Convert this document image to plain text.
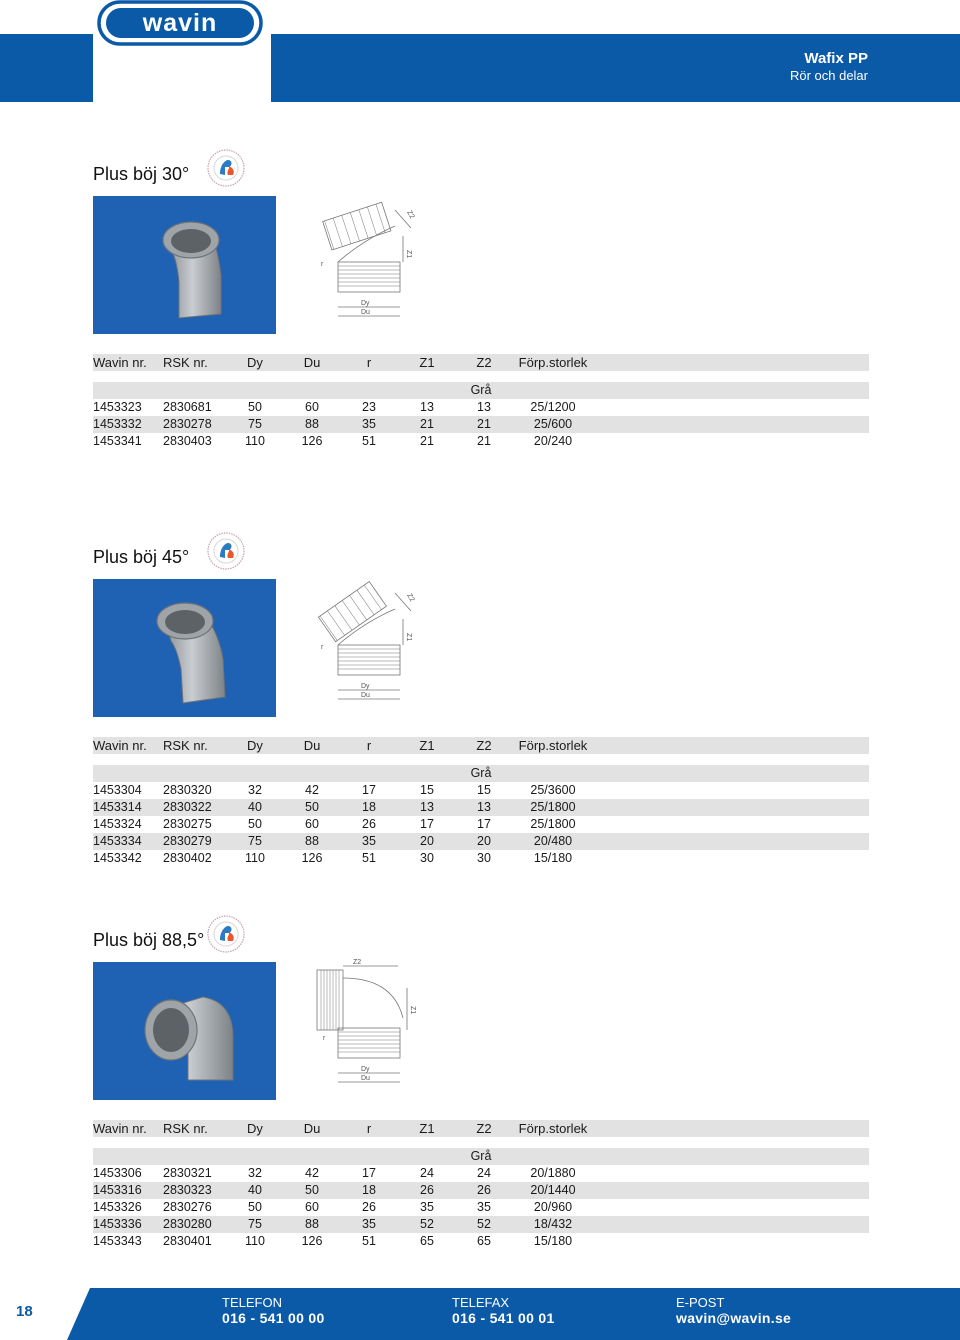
wavin
Wafix PP
Rör och delar
Plus böj 30°
Dy
Du
Z1
Z2
r
Wavin nr.	RSK nr.	Dy	Du	r	Z1	Z2	Förp.storlek	

Grå								
1453323	2830681	50	60	23	13	13	25/1200	
1453332	2830278	75	88	35	21	21	25/600	
1453341	2830403	110	126	51	21	21	20/240	
Plus böj 45°
Dy
Du
Z1
Z2
r
Wavin nr.	RSK nr.	Dy	Du	r	Z1	Z2	Förp.storlek	

Grå								
1453304	2830320	32	42	17	15	15	25/3600	
1453314	2830322	40	50	18	13	13	25/1800	
1453324	2830275	50	60	26	17	17	25/1800	
1453334	2830279	75	88	35	20	20	20/480	
1453342	2830402	110	126	51	30	30	15/180	
Plus böj 88,5°
Dy
Du
Z2
Z1
r
Wavin nr.	RSK nr.	Dy	Du	r	Z1	Z2	Förp.storlek	

Grå								
1453306	2830321	32	42	17	24	24	20/1880	
1453316	2830323	40	50	18	26	26	20/1440	
1453326	2830276	50	60	26	35	35	20/960	
1453336	2830280	75	88	35	52	52	18/432	
1453343	2830401	110	126	51	65	65	15/180	
TELEFON
016 - 541 00 00
TELEFAX
016 - 541 00 01
E-POST
wavin@wavin.se
18
